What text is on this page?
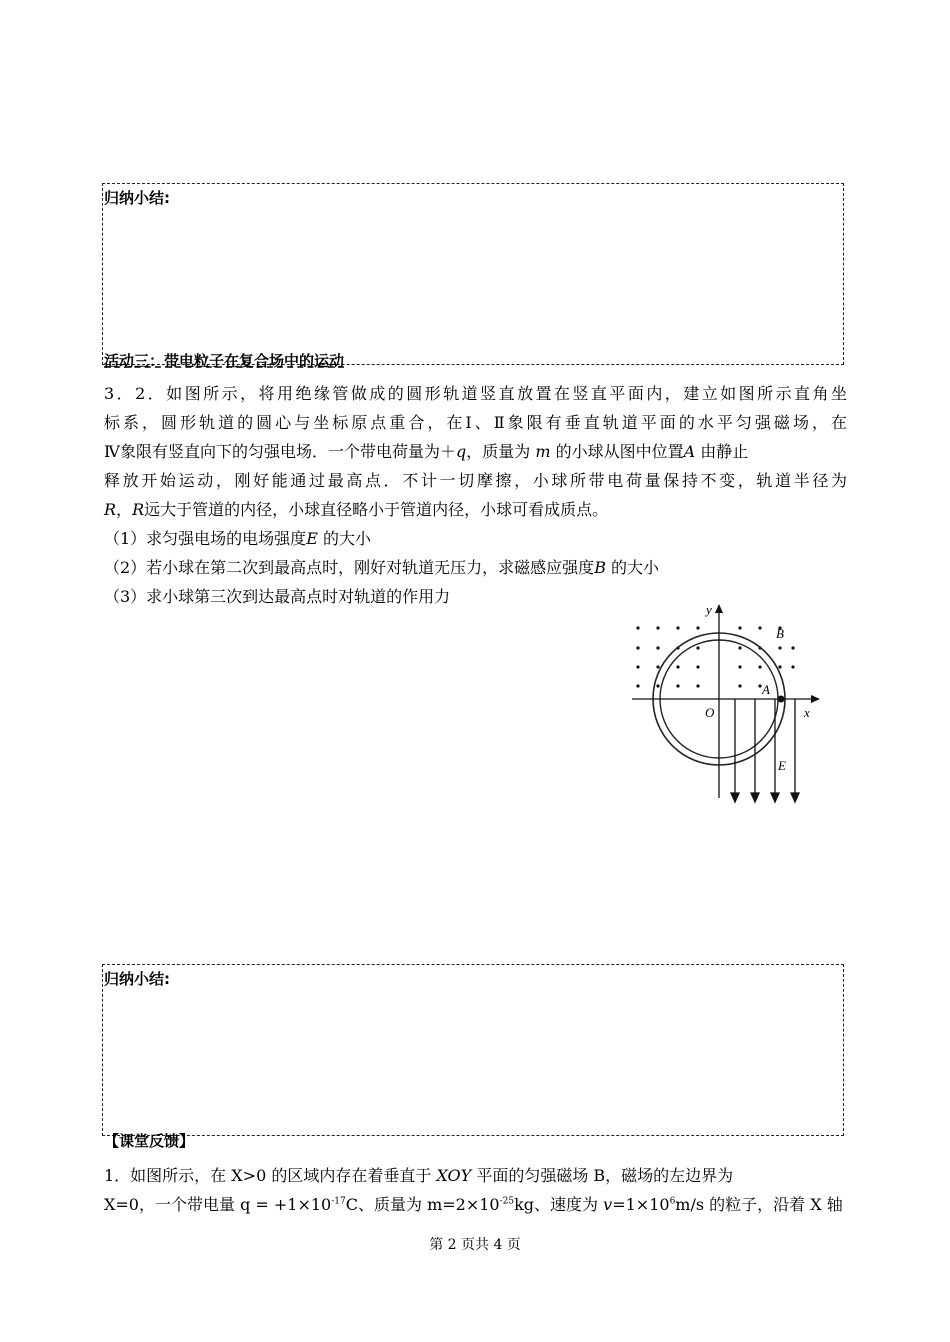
归纳小结:
活动三：带电粒子在复合场中的运动
3．2．如图所示，将用绝缘管做成的圆形轨道竖直放置在竖直平面内，建立如图所示直角坐
标系，圆形轨道的圆心与坐标原点重合，在Ⅰ、Ⅱ象限有垂直轨道平面的水平匀强磁场，在
Ⅳ象限有竖直向下的匀强电场．一个带电荷量为＋q，质量为 m 的小球从图中位置A 由静止
释放开始运动，刚好能通过最高点．不计一切摩擦，小球所带电荷量保持不变，轨道半径为
R，R远大于管道的内径，小球直径略小于管道内径，小球可看成质点。
（1）求匀强电场的电场强度E 的大小
（2）若小球在第二次到最高点时，刚好对轨道无压力，求磁感应强度B 的大小
（3）求小球第三次到达最高点时对轨道的作用力
y
x
O
A
B
E
归纳小结:
【课堂反馈】
1．如图所示，在 X>0 的区域内存在着垂直于 XOY 平面的匀强磁场 B，磁场的左边界为
X=0，一个带电量 $q = +1\times 10^{-17}C$、质量为 $m=2\times 10^{-25}kg$、速度为 $v=1\times 10^6m/s$ 的粒子，沿着 X 轴
第 2 页共 4 页
